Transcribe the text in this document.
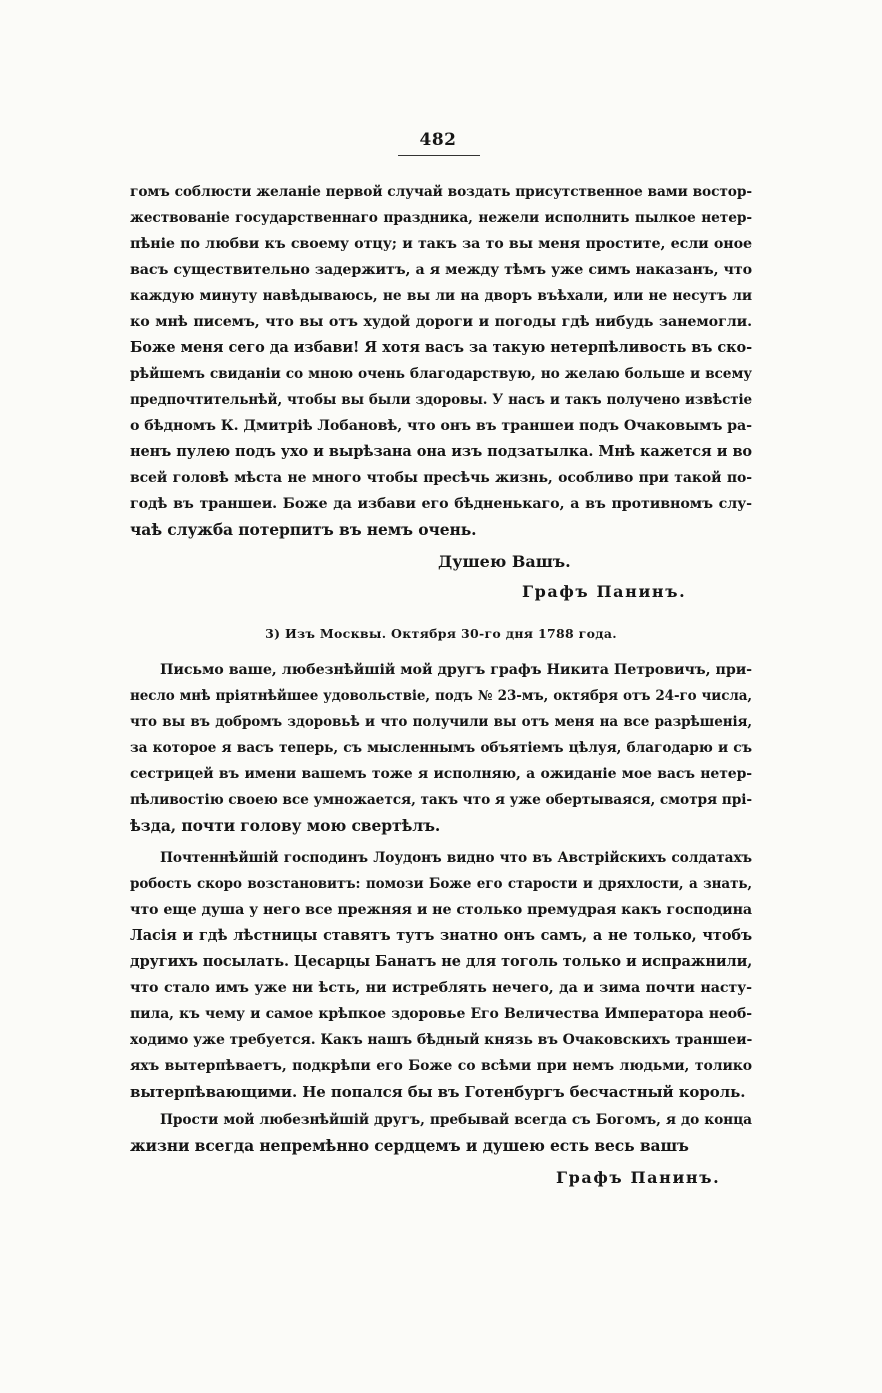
482
гомъ соблюсти желаніе первой случай воздать присутственное вами востор-
жествованіе государственнаго праздника, нежели исполнить пылкое нетер-
пѣніе по любви къ своему отцу; и такъ за то вы меня простите, если оное
васъ существительно задержитъ, а я между тѣмъ уже симъ наказанъ, что
каждую минуту навѣдываюсь, не вы ли на дворъ въѣхали, или не несутъ ли
ко мнѣ писемъ, что вы отъ худой дороги и погоды гдѣ нибудь занемогли.
Боже меня сего да избави! Я хотя васъ за такую нетерпѣливость въ ско-
рѣйшемъ свиданіи со мною очень благодарствую, но желаю больше и всему
предпочтительнѣй, чтобы вы были здоровы. У насъ и такъ получено извѣстіе
о бѣдномъ К. Дмитріѣ Лобановѣ, что онъ въ траншеи подъ Очаковымъ ра-
ненъ пулею подъ ухо и вырѣзана она изъ подзатылка. Мнѣ кажется и во
всей головѣ мѣста не много чтобы пресѣчь жизнь, особливо при такой по-
годѣ въ траншеи. Боже да избави его бѣдненькаго, а въ противномъ слу-
чаѣ служба потерпитъ въ немъ очень.
Душею Вашъ.
Графъ Панинъ.
3) Изъ Москвы. Октября 30-го дня 1788 года.
Письмо ваше, любезнѣйшій мой другъ графъ Никита Петровичъ, при-
несло мнѣ пріятнѣйшее удовольствіе, подъ № 23-мъ, октября отъ 24-го числа,
что вы въ добромъ здоровьѣ и что получили вы отъ меня на все разрѣшенія,
за которое я васъ теперь, съ мысленнымъ объятіемъ цѣлуя, благодарю и съ
сестрицей въ имени вашемъ тоже я исполняю, а ожиданіе мое васъ нетер-
пѣливостію своею все умножается, такъ что я уже обертываяся, смотря прі-
ѣзда, почти голову мою свертѣлъ.
Почтеннѣйшій господинъ Лоудонъ видно что въ Австрійскихъ солдатахъ
робость скоро возстановитъ: помози Боже его старости и дряхлости, а знать,
что еще душа у него все прежняя и не столько премудрая какъ господина
Ласія и гдѣ лѣстницы ставятъ тутъ знатно онъ самъ, а не только, чтобъ
другихъ посылать. Цесарцы Банатъ не для тоголь только и испражнили,
что стало имъ уже ни ѣсть, ни истреблять нечего, да и зима почти насту-
пила, къ чему и самое крѣпкое здоровье Его Величества Императора необ-
ходимо уже требуется. Какъ нашъ бѣдный князь въ Очаковскихъ траншеи-
яхъ вытерпѣваетъ, подкрѣпи его Боже со всѣми при немъ людьми, толико
вытерпѣвающими. Не попался бы въ Готенбургъ бесчастный король.
Прости мой любезнѣйшій другъ, пребывай всегда съ Богомъ, я до конца
жизни всегда непремѣнно сердцемъ и душею есть весь вашъ
Графъ Панинъ.
